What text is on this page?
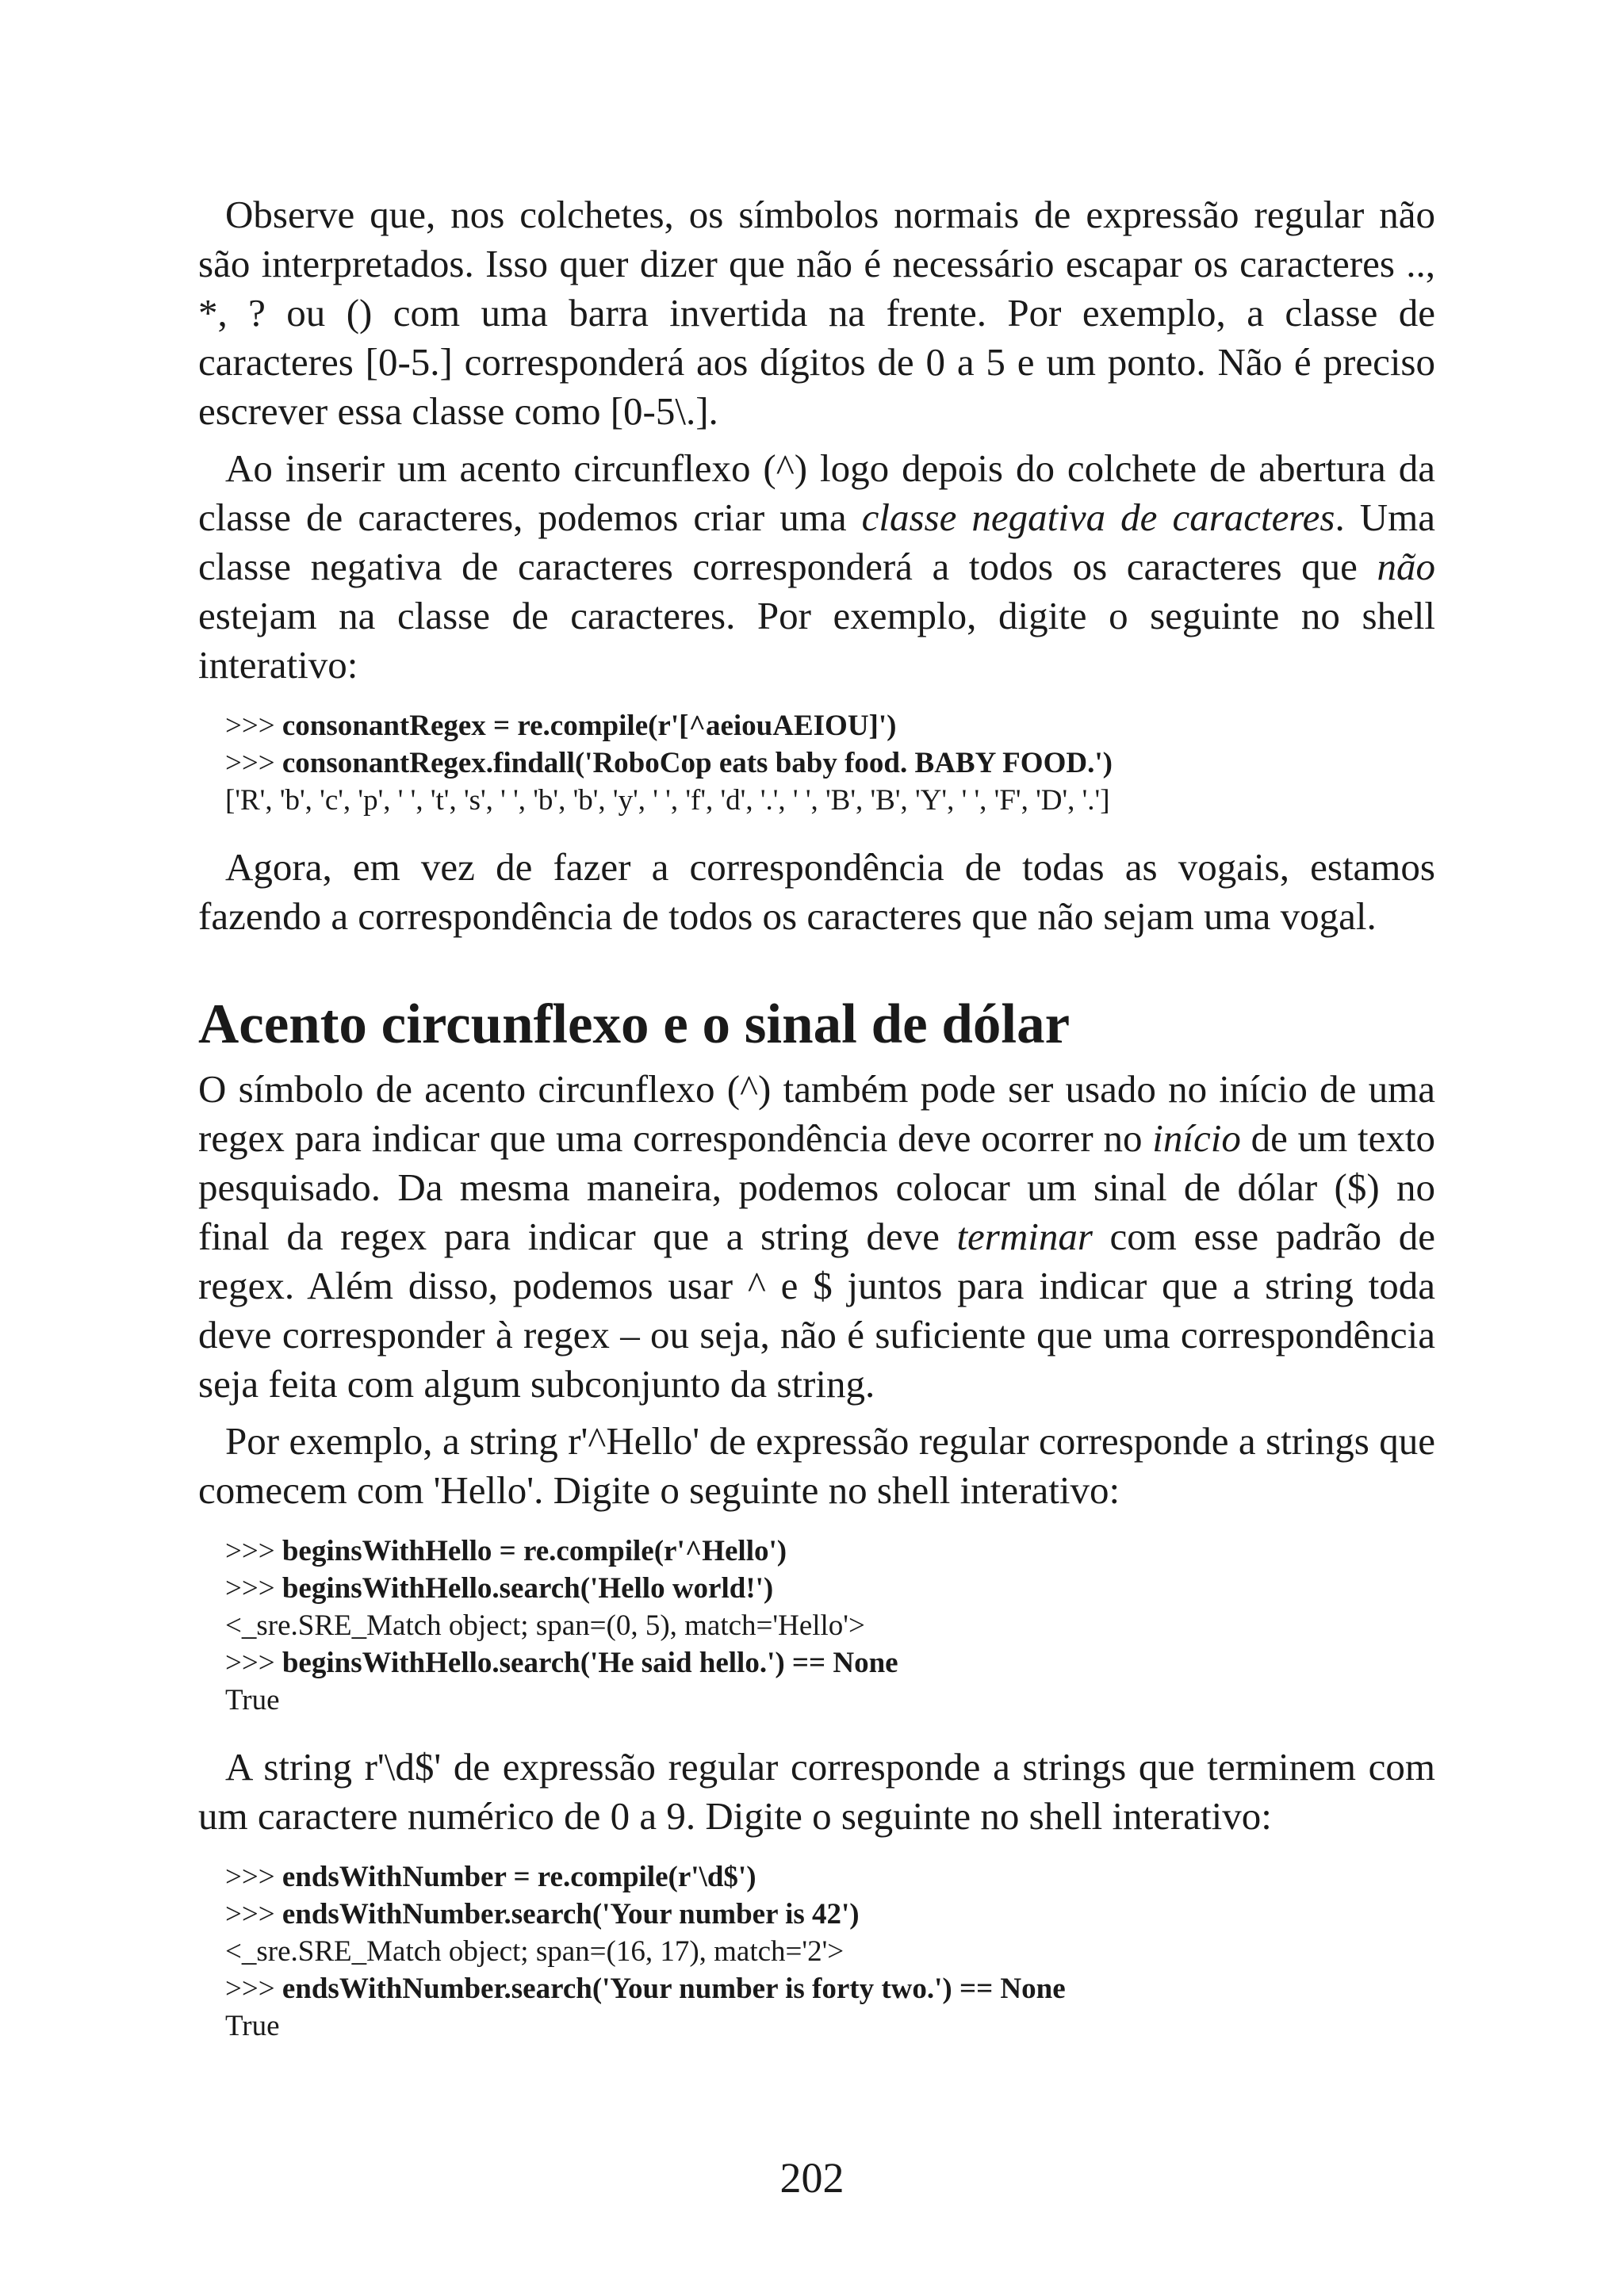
Observe que, nos colchetes, os símbolos normais de expressão regular não são interpretados. Isso quer dizer que não é necessário escapar os caracteres .., *, ? ou () com uma barra invertida na frente. Por exemplo, a classe de caracteres [0-5.] corresponderá aos dígitos de 0 a 5 e um ponto. Não é preciso escrever essa classe como [0-5\.].

Ao inserir um acento circunflexo (^) logo depois do colchete de abertura da classe de caracteres, podemos criar uma classe negativa de caracteres. Uma classe negativa de caracteres corresponderá a todos os caracteres que não estejam na classe de caracteres. Por exemplo, digite o seguinte no shell interativo:

>>> consonantRegex = re.compile(r'[^aeiouAEIOU]')
>>> consonantRegex.findall('RoboCop eats baby food. BABY FOOD.')
['R', 'b', 'c', 'p', ' ', 't', 's', ' ', 'b', 'b', 'y', ' ', 'f', 'd', '.', ' ', 'B', 'B', 'Y', ' ', 'F', 'D', '.']

Agora, em vez de fazer a correspondência de todas as vogais, estamos fazendo a correspondência de todos os caracteres que não sejam uma vogal.

Acento circunflexo e o sinal de dólar

O símbolo de acento circunflexo (^) também pode ser usado no início de uma regex para indicar que uma correspondência deve ocorrer no início de um texto pesquisado. Da mesma maneira, podemos colocar um sinal de dólar ($) no final da regex para indicar que a string deve terminar com esse padrão de regex. Além disso, podemos usar ^ e $ juntos para indicar que a string toda deve corresponder à regex – ou seja, não é suficiente que uma correspondência seja feita com algum subconjunto da string.

Por exemplo, a string r'^Hello' de expressão regular corresponde a strings que comecem com 'Hello'. Digite o seguinte no shell interativo:

>>> beginsWithHello = re.compile(r'^Hello')
>>> beginsWithHello.search('Hello world!')
<_sre.SRE_Match object; span=(0, 5), match='Hello'>
>>> beginsWithHello.search('He said hello.') == None
True

A string r'\d$' de expressão regular corresponde a strings que terminem com um caractere numérico de 0 a 9. Digite o seguinte no shell interativo:

>>> endsWithNumber = re.compile(r'\d$')
>>> endsWithNumber.search('Your number is 42')
<_sre.SRE_Match object; span=(16, 17), match='2'>
>>> endsWithNumber.search('Your number is forty two.') == None
True
202
